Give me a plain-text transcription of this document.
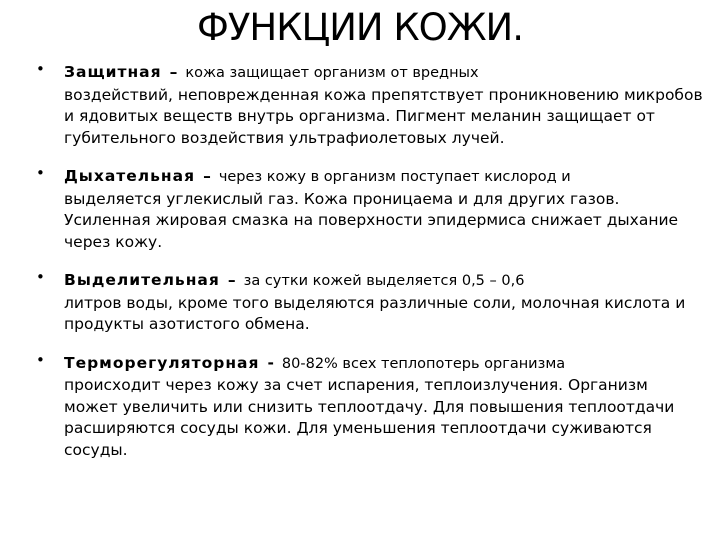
ФУНКЦИИ КОЖИ.
• Защитная – кожа защищает организм от вредных
воздействий, неповрежденная кожа препятствует проникновению микробов и ядовитых веществ внутрь организма. Пигмент меланин защищает от губительного воздействия ультрафиолетовых лучей.
• Дыхательная – через кожу в организм поступает кислород и
выделяется углекислый газ. Кожа проницаема и для других газов. Усиленная жировая смазка на поверхности эпидермиса снижает дыхание через кожу.
• Выделительная – за сутки кожей выделяется 0,5 – 0,6
литров воды, кроме того выделяются различные соли, молочная кислота и продукты азотистого обмена.
• Терморегуляторная - 80-82% всех теплопотерь организма
происходит через кожу за счет испарения, теплоизлучения. Организм может увеличить или снизить теплоотдачу. Для повышения теплоотдачи расширяются сосуды кожи. Для уменьшения теплоотдачи суживаются сосуды.
